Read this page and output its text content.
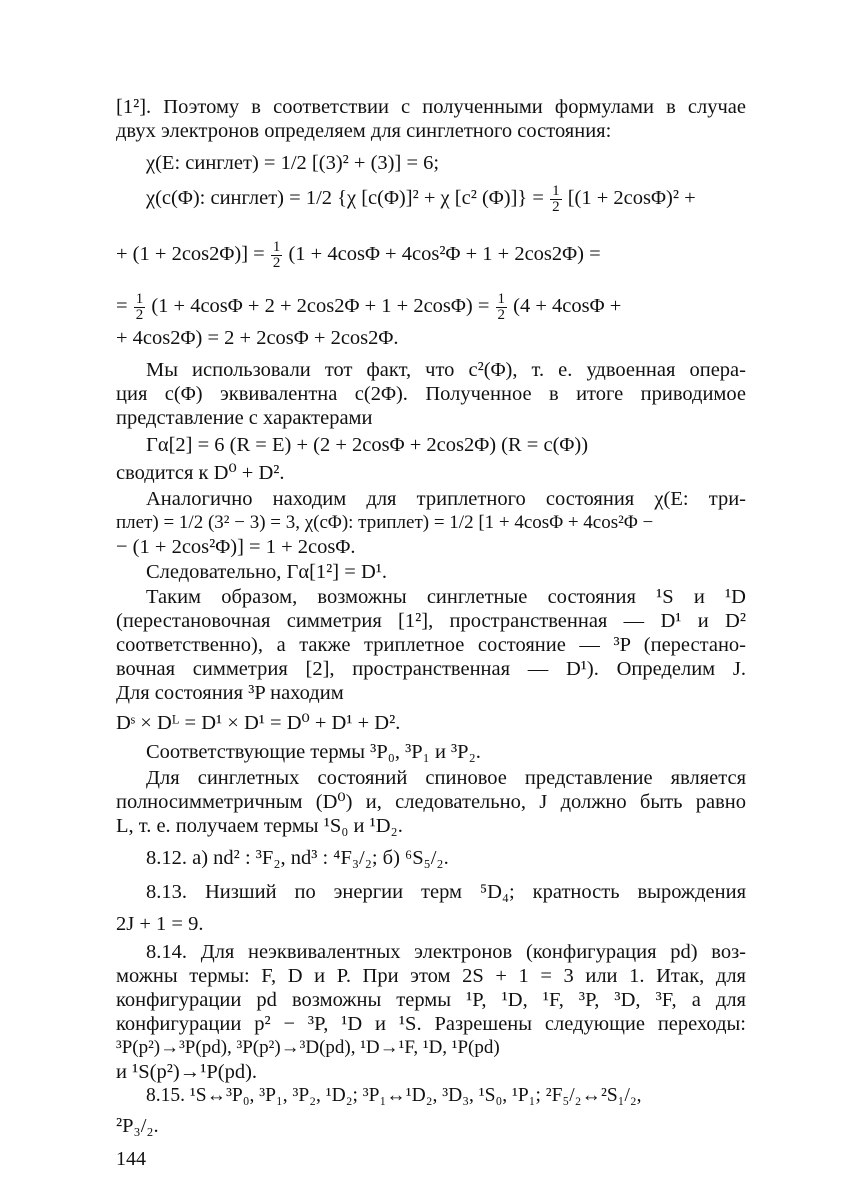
[1²]. Поэтому в соответствии с полученными формулами в случае
двух электронов определяем для синглетного состояния:
χ(E: синглет) = 1/2 [(3)² + (3)] = 6;
χ(c(Φ): синглет) = 1/2 {χ [c(Φ)]² + χ [c² $(\Phi)]\} = \frac{1}{2} [(1 + 2\cos\Phi)^2$ +
+ $(1 + 2\cos 2\Phi)] = \frac{1}{2} (1 + 4\cos\Phi + 4\cos^2\Phi + 1 + 2\cos 2\Phi)$ =
= $\frac{1}{2} (1 + 4\cos\Phi + 2 + 2\cos 2\Phi + 1 + 2\cos\Phi) = \frac{1}{2} (4 + 4\cos\Phi$ +
+ 4cos2Φ) = 2 + 2cosΦ + 2cos2Φ.
Мы использовали тот факт, что c²(Φ), т. е. удвоенная опера-
ция c(Φ) эквивалентна c(2Φ). Полученное в итоге приводимое
представление с характерами
Γα[2] = 6 (R = E) + (2 + 2cosΦ + 2cos2Φ) (R = c(Φ))
сводится к D⁰ + D².
Аналогично находим для триплетного состояния χ(E: три-
плет) = 1/2 (3² − 3) = 3, χ(cΦ): триплет) = 1/2 [1 + 4cosΦ + 4cos²Φ −
− (1 + 2cos²Φ)] = 1 + 2cosΦ.
Следовательно, Γα[1²] = D¹.
Таким образом, возможны синглетные состояния ¹S и ¹D
(перестановочная симметрия [1²], пространственная — D¹ и D²
соответственно), а также триплетное состояние — ³P (перестано-
вочная симметрия [2], пространственная — D¹). Определим J.
Для состояния ³P находим
Dˢ × Dᴸ = D¹ × D¹ = D⁰ + D¹ + D².
Соответствующие термы ³P₀, ³P₁ и ³P₂.
Для синглетных состояний спиновое представление является
полносимметричным (D⁰) и, следовательно, J должно быть равно
L, т. е. получаем термы ¹S₀ и ¹D₂.
8.12. а) nd² : ³F₂, nd³ : ⁴F₃/₂; б) ⁶S₅/₂.
8.13. Низший по энергии терм ⁵D₄; кратность вырождения
2J + 1 = 9.
8.14. Для неэквивалентных электронов (конфигурация pd) воз-
можны термы: F, D и P. При этом 2S + 1 = 3 или 1. Итак, для
конфигурации pd возможны термы ¹P, ¹D, ¹F, ³P, ³D, ³F, а для
конфигурации p² − ³P, ¹D и ¹S. Разрешены следующие переходы:
³P(p²)→³P(pd), ³P(p²)→³D(pd), ¹D→¹F, ¹D, ¹P(pd)
и ¹S(p²)→¹P(pd).
8.15. ¹S↔³P₀, ³P₁, ³P₂, ¹D₂; ³P₁↔¹D₂, ³D₃, ¹S₀, ¹P₁; ²F₅/₂↔²S₁/₂,
²P₃/₂.
144
